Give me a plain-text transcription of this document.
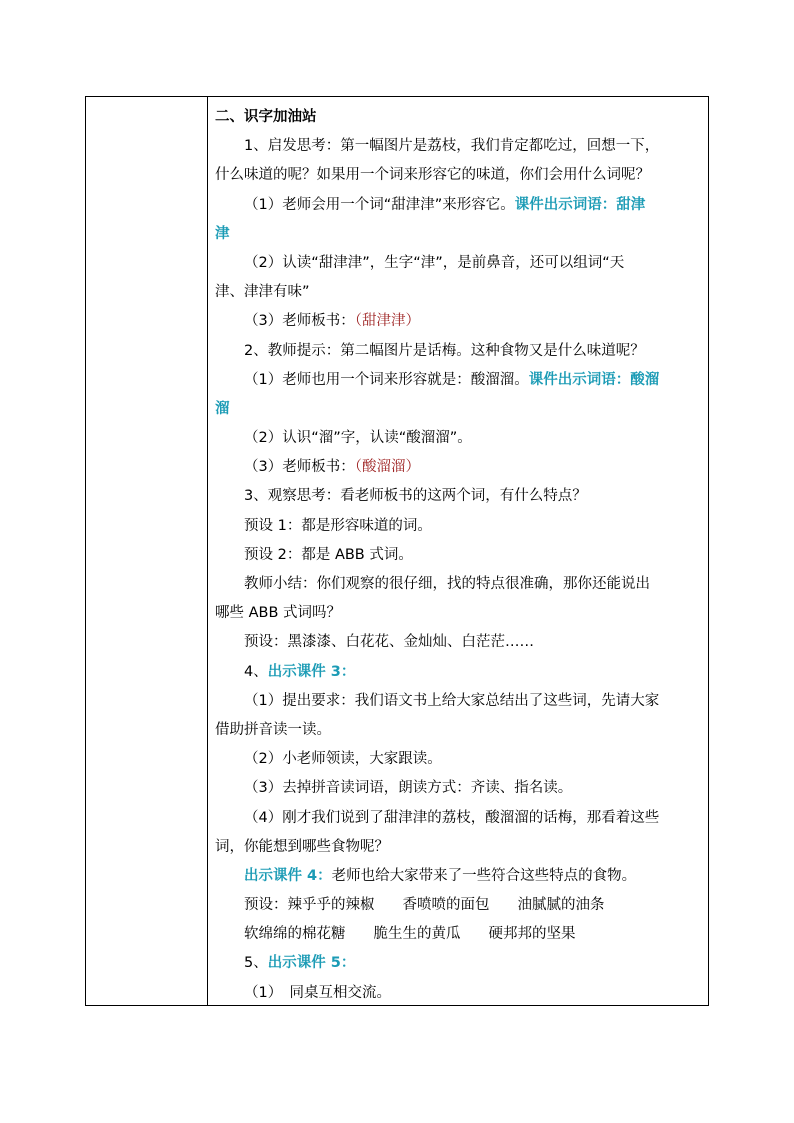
二、识字加油站
1、启发思考：第一幅图片是荔枝，我们肯定都吃过，回想一下，
什么味道的呢？如果用一个词来形容它的味道，你们会用什么词呢？
（1）老师会用一个词“甜津津”来形容它。课件出示词语：甜津
津
（2）认读“甜津津”，生字“津”，是前鼻音，还可以组词“天
津、津津有味”
（3）老师板书：（甜津津）
2、教师提示：第二幅图片是话梅。这种食物又是什么味道呢？
（1）老师也用一个词来形容就是：酸溜溜。课件出示词语：酸溜
溜
（2）认识“溜”字，认读“酸溜溜”。
（3）老师板书：（酸溜溜）
3、观察思考：看老师板书的这两个词，有什么特点？
预设 1：都是形容味道的词。
预设 2：都是 ABB 式词。
教师小结：你们观察的很仔细，找的特点很准确，那你还能说出
哪些 ABB 式词吗？
预设：黑漆漆、白花花、金灿灿、白茫茫……
4、出示课件 3：
（1）提出要求：我们语文书上给大家总结出了这些词，先请大家
借助拼音读一读。
（2）小老师领读，大家跟读。
（3）去掉拼音读词语，朗读方式：齐读、指名读。
（4）刚才我们说到了甜津津的荔枝，酸溜溜的话梅，那看着这些
词，你能想到哪些食物呢？
出示课件 4：老师也给大家带来了一些符合这些特点的食物。
预设：辣乎乎的辣椒 香喷喷的面包 油腻腻的油条
软绵绵的棉花糖 脆生生的黄瓜 硬邦邦的坚果
5、出示课件 5：
（1）　同桌互相交流。
